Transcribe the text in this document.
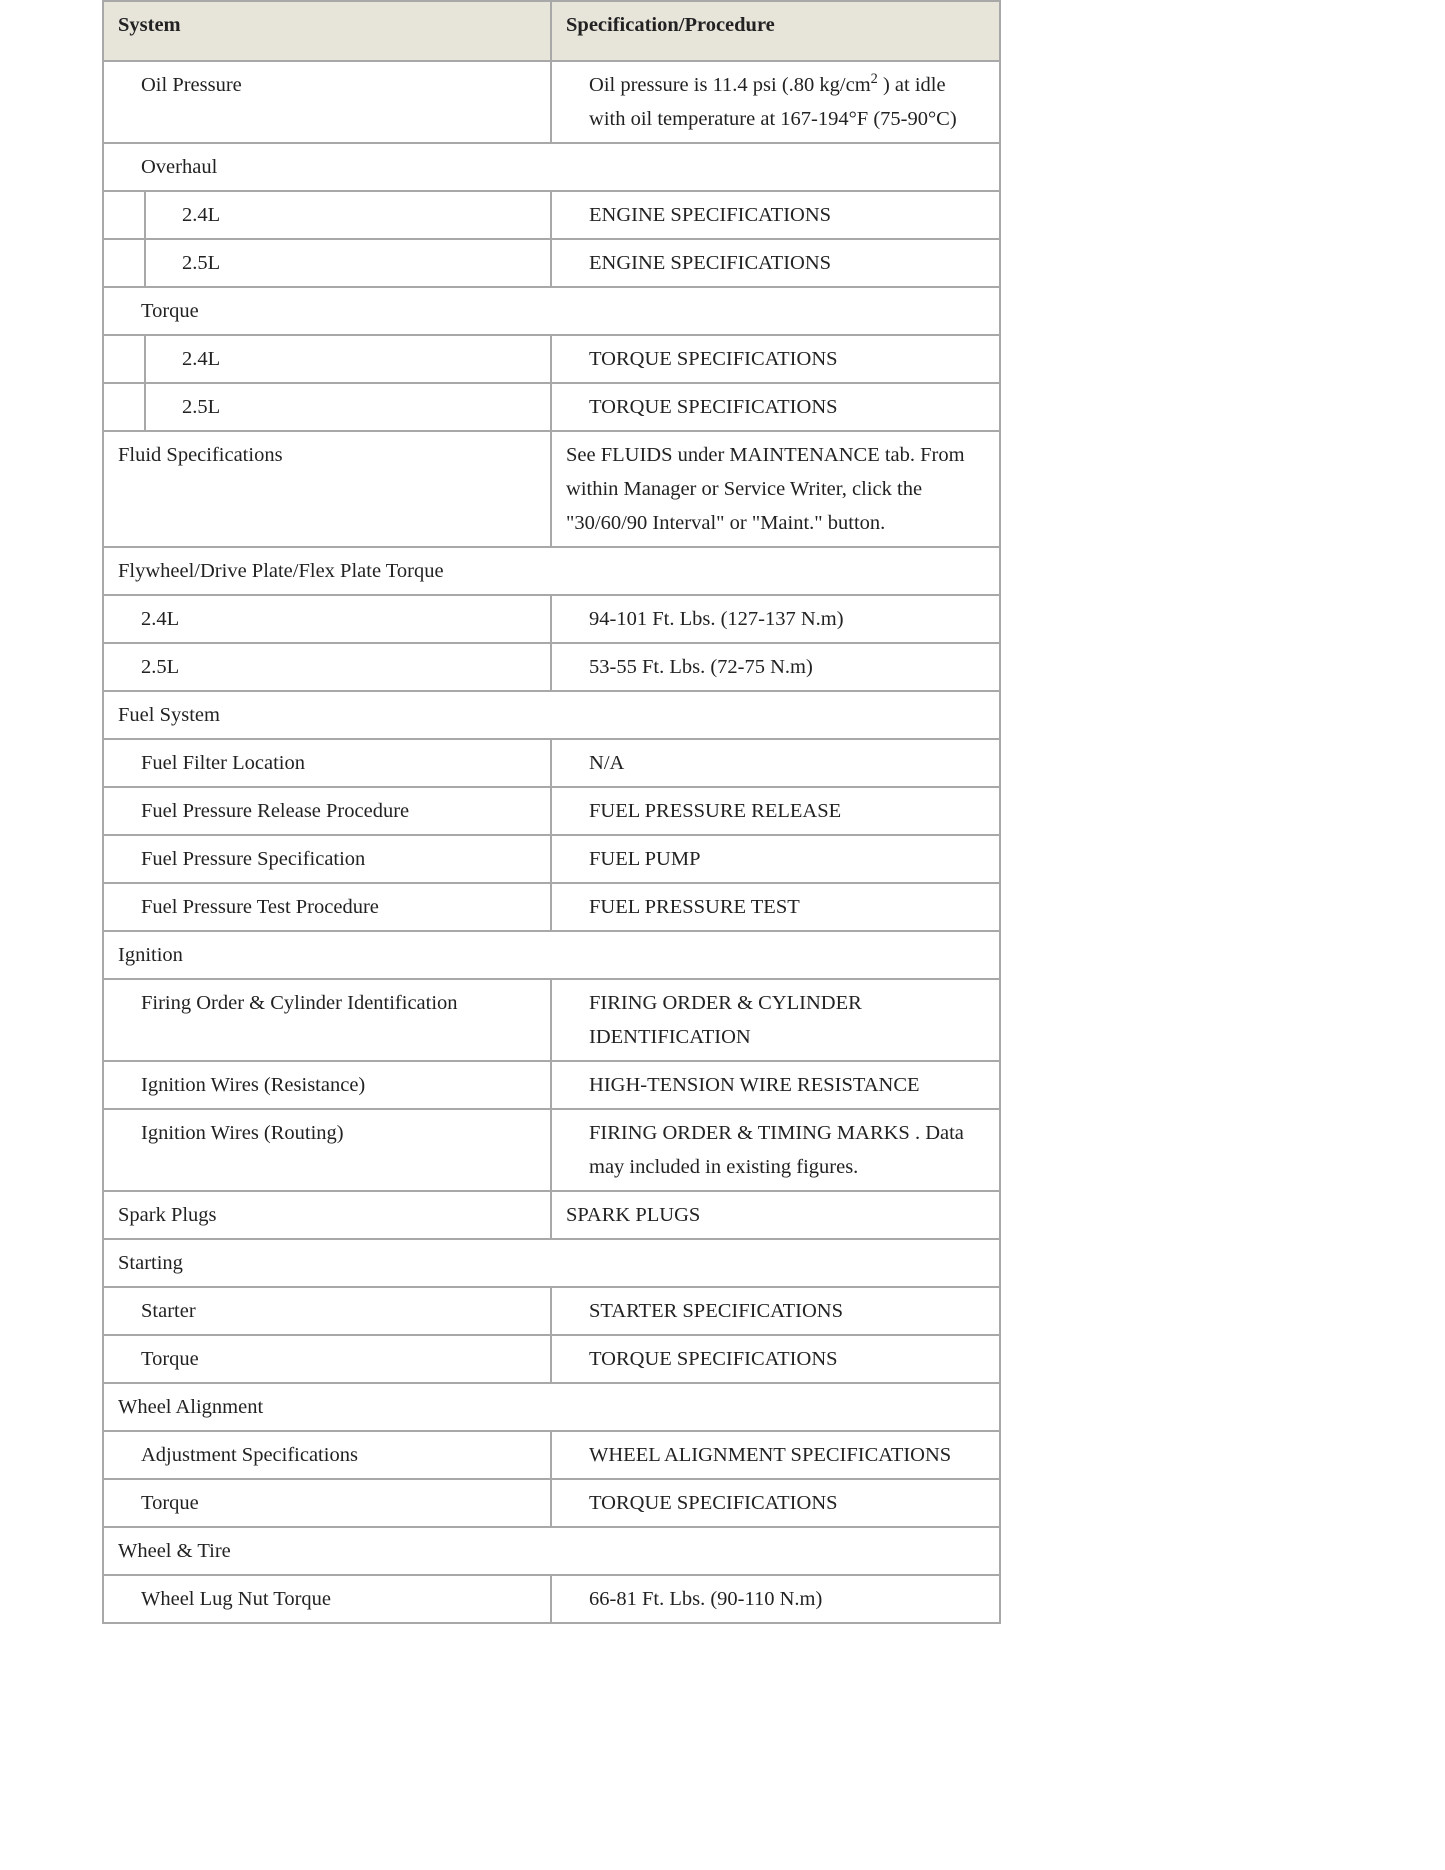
System		Specification/Procedure

Oil Pressure		Oil pressure is 11.4 psi (.80 $kg/cm^2$ ) at idle with oil temperature at 167-194°F (75-90°C)

Overhaul		

	2.4L	ENGINE SPECIFICATIONS

	2.5L	ENGINE SPECIFICATIONS

Torque		

	2.4L	TORQUE SPECIFICATIONS

	2.5L	TORQUE SPECIFICATIONS

Fluid Specifications		See FLUIDS under MAINTENANCE tab. From within Manager or Service Writer, click the "30/60/90 Interval" or "Maint." button.

Flywheel/Drive Plate/Flex Plate Torque		

2.4L		94-101 Ft. Lbs. (127-137 N.m)

2.5L		53-55 Ft. Lbs. (72-75 N.m)

Fuel System		

Fuel Filter Location		N/A

Fuel Pressure Release Procedure		FUEL PRESSURE RELEASE

Fuel Pressure Specification		FUEL PUMP

Fuel Pressure Test Procedure		FUEL PRESSURE TEST

Ignition		

Firing Order & Cylinder Identification		FIRING ORDER & CYLINDER IDENTIFICATION

Ignition Wires (Resistance)		HIGH-TENSION WIRE RESISTANCE

Ignition Wires (Routing)		FIRING ORDER & TIMING MARKS . Data may included in existing figures.

Spark Plugs		SPARK PLUGS

Starting		

Starter		STARTER SPECIFICATIONS

Torque		TORQUE SPECIFICATIONS

Wheel Alignment		

Adjustment Specifications		WHEEL ALIGNMENT SPECIFICATIONS

Torque		TORQUE SPECIFICATIONS

Wheel & Tire		

Wheel Lug Nut Torque		66-81 Ft. Lbs. (90-110 N.m)
